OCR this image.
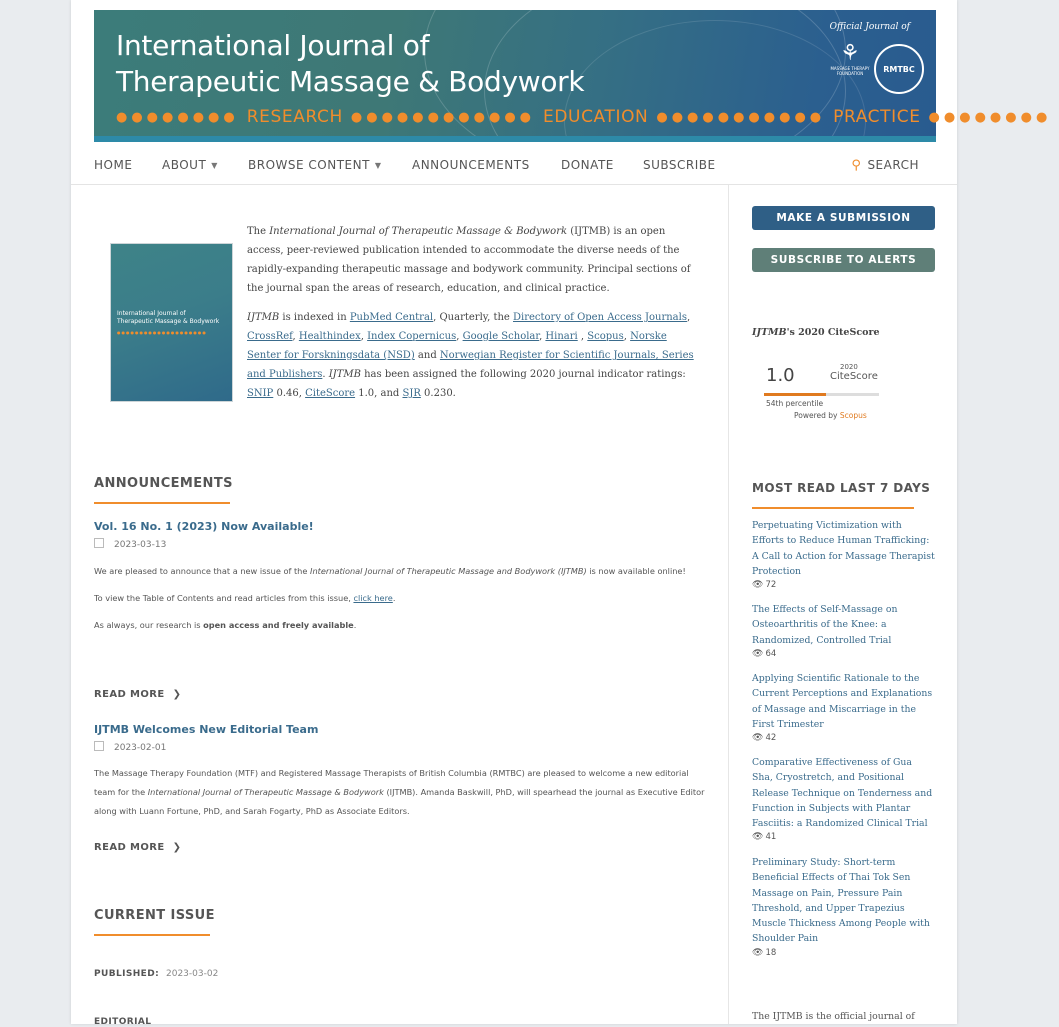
International Journal of
Therapeutic Massage & Bodywork
●●●●●●●● RESEARCH ●●●●●●●●●●●● EDUCATION ●●●●●●●●●●● PRACTICE ●●●●●●●●
Official Journal of
⚘
MASSAGE THERAPY FOUNDATION	RMTBC
HOME ABOUT ▼	BROWSE CONTENT ▼	ANNOUNCEMENTS	DONATE SUBSCRIBE	⚲ SEARCH
International Journal of
Therapeutic Massage & Bodywork
●●●●●●●●●●●●●●●●●●●●

The International Journal of Therapeutic Massage & Bodywork (IJTMB) is an open access, peer-reviewed publication intended to accommodate the diverse needs of the rapidly-expanding therapeutic massage and bodywork community. Principal sections of the journal span the areas of research, education, and clinical practice.

IJTMB is indexed in PubMed Central, Quarterly, the Directory of Open Access Journals, CrossRef, Healthindex, Index Copernicus, Google Scholar, Hinari , Scopus, Norske Senter for Forskningsdata (NSD) and Norwegian Register for Scientific Journals, Series and Publishers. IJTMB has been assigned the following 2020 journal indicator ratings: SNIP 0.46, CiteScore 1.0, and SJR 0.230.

ANNOUNCEMENTS
Vol. 16 No. 1 (2023) Now Available!
2023-03-13

We are pleased to announce that a new issue of the International Journal of Therapeutic Massage and Bodywork (IJTMB) is now available online!

To view the Table of Contents and read articles from this issue, click here.

As always, our research is open access and freely available.

READ MORE ❯
IJTMB Welcomes New Editorial Team
2023-02-01

The Massage Therapy Foundation (MTF) and Registered Massage Therapists of British Columbia (RMTBC) are pleased to welcome a new editorial team for the International Journal of Therapeutic Massage & Bodywork (IJTMB). Amanda Baskwill, PhD, will spearhead the journal as Executive Editor along with Luann Fortune, PhD, and Sarah Fogarty, PhD as Associate Editors.

READ MORE ❯
CURRENT ISSUE
PUBLISHED: 2023-03-02
EDITORIAL
MAKE A SUBMISSION
SUBSCRIBE TO ALERTS
IJTMB's 2020 CiteScore
1.0	2020
CiteScore
54th percentile
Powered by Scopus
MOST READ LAST 7 DAYS
Perpetuating Victimization with Efforts to Reduce Human Trafficking: A Call to Action for Massage Therapist Protection
👁 72
The Effects of Self-Massage on Osteoarthritis of the Knee: a Randomized, Controlled Trial
👁 64
Applying Scientific Rationale to the Current Perceptions and Explanations of Massage and Miscarriage in the First Trimester
👁 42
Comparative Effectiveness of Gua Sha, Cryostretch, and Positional Release Technique on Tenderness and Function in Subjects with Plantar Fasciitis: a Randomized Clinical Trial
👁 41
Preliminary Study: Short-term Beneficial Effects of Thai Tok Sen Massage on Pain, Pressure Pain Threshold, and Upper Trapezius Muscle Thickness Among People with Shoulder Pain
👁 18
The IJTMB is the official journal of
